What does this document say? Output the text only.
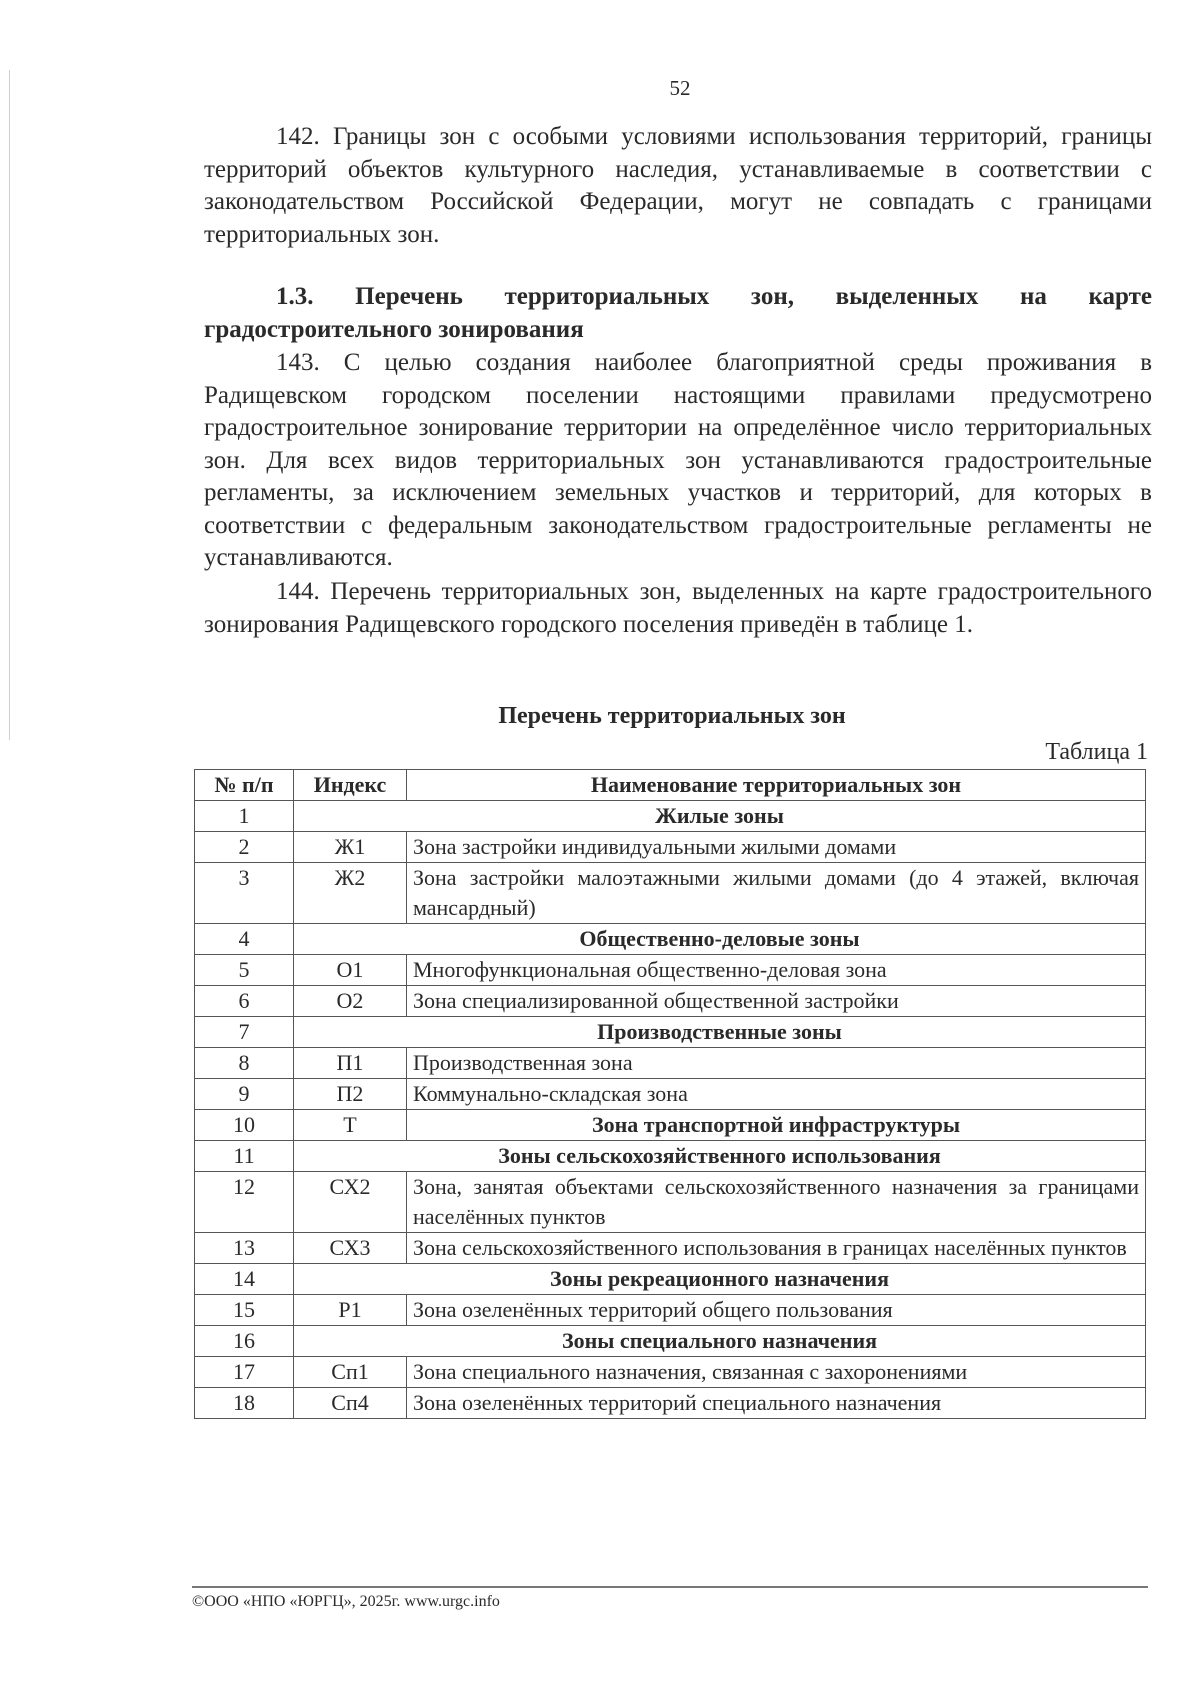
52

142. Границы зон с особыми условиями использования территорий, границы территорий объектов культурного наследия, устанавливаемые в соответствии с законодательством Российской Федерации, могут не совпадать с границами территориальных зон.

1.3. Перечень территориальных зон, выделенных на карте градостроительного зонирования

143. С целью создания наиболее благоприятной среды проживания в Радищевском городском поселении настоящими правилами предусмотрено градостроительное зонирование территории на определённое число территориальных зон. Для всех видов территориальных зон устанавливаются градостроительные регламенты, за исключением земельных участков и территорий, для которых в соответствии с федеральным законодательством градостроительные регламенты не устанавливаются.

144. Перечень территориальных зон, выделенных на карте градостроительного зонирования Радищевского городского поселения приведён в таблице 1.

Перечень территориальных зон
Таблица 1
№ п/п	Индекс	Наименование территориальных зон
1	Жилые зоны	
2	Ж1	Зона застройки индивидуальными жилыми домами
3	Ж2	Зона застройки малоэтажными жилыми домами (до 4 этажей, включая мансардный)
4	Общественно-деловые зоны	
5	О1	Многофункциональная общественно-деловая зона
6	О2	Зона специализированной общественной застройки
7	Производственные зоны	
8	П1	Производственная зона
9	П2	Коммунально-складская зона
10	Т	Зона транспортной инфраструктуры
11	Зоны сельскохозяйственного использования	
12	СХ2	Зона, занятая объектами сельскохозяйственного назначения за границами населённых пунктов
13	СХ3	Зона сельскохозяйственного использования в границах населённых пунктов
14	Зоны рекреационного назначения	
15	Р1	Зона озеленённых территорий общего пользования
16	Зоны специального назначения	
17	Сп1	Зона специального назначения, связанная с захоронениями
18	Сп4	Зона озеленённых территорий специального назначения
©ООО «НПО «ЮРГЦ», 2025г. www.urgc.info
